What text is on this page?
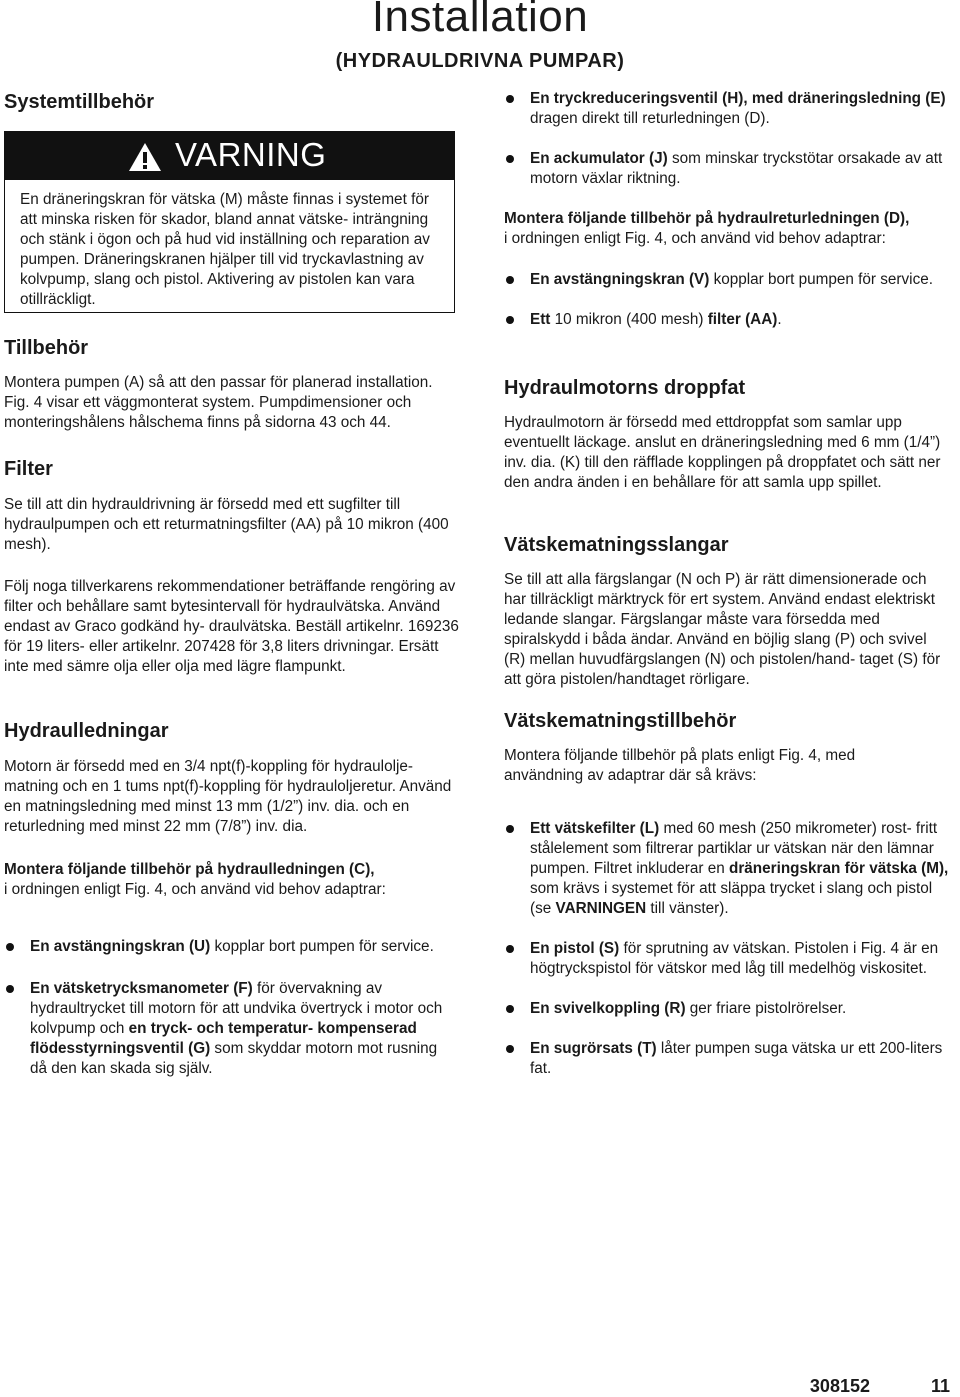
Installation
(HYDRAULDRIVNA PUMPAR)
Systemtillbehör
VARNING

En dräneringskran för vätska (M) måste finnas i systemet för att minska risken för skador, bland annat vätske- inträngning och stänk i ögon och på hud vid inställning och reparation av pumpen. Dräneringskranen hjälper till vid tryckavlastning av kolvpump, slang och pistol. Aktivering av pistolen kan vara otillräckligt.

Tillbehör

Montera pumpen (A) så att den passar för planerad installation. Fig. 4 visar ett väggmonterat system. Pumpdimensioner och monteringshålens hålschema finns på sidorna 43 och 44.

Filter

Se till att din hydrauldrivning är försedd med ett sugfilter till hydraulpumpen och ett returmatningsfilter (AA) på 10 mikron (400 mesh).

Följ noga tillverkarens rekommendationer beträffande rengöring av filter och behållare samt bytesintervall för hydraulvätska. Använd endast av Graco godkänd hy- draulvätska. Beställ artikelnr. 169236 för 19 liters- eller artikelnr. 207428 för 3,8 liters drivningar. Ersätt inte med sämre olja eller olja med lägre flampunkt.

Hydraulledningar

Motorn är försedd med en 3/4 npt(f)-koppling för hydraulolje- matning och en 1 tums npt(f)-koppling för hydrauloljeretur. Använd en matningsledning med minst 13 mm (1/2”) inv. dia. och en returledning med minst 22 mm (7/8”) inv. dia.

Montera följande tillbehör på hydraulledningen (C),
i ordningen enligt Fig. 4, och använd vid behov adaptrar:

En avstängningskran (U) kopplar bort pumpen för service.
En vätsketrycksmanometer (F) för övervakning av hydraultrycket till motorn för att undvika övertryck i motor och kolvpump och en tryck- och temperatur- kompenserad flödesstyrningsventil (G) som skyddar motorn mot rusning då den kan skada sig själv.
En tryckreduceringsventil (H), med dräneringsledning (E) dragen direkt till returledningen (D).
En ackumulator (J) som minskar tryckstötar orsakade av att motorn växlar riktning.

Montera följande tillbehör på hydraulreturledningen (D),
i ordningen enligt Fig. 4, och använd vid behov adaptrar:

En avstängningskran (V) kopplar bort pumpen för service.
Ett 10 mikron (400 mesh) filter (AA).
Hydraulmotorns droppfat

Hydraulmotorn är försedd med ettdroppfat som samlar upp eventuellt läckage. anslut en dräneringsledning med 6 mm (1/4”) inv. dia. (K) till den räfflade kopplingen på droppfatet och sätt ner den andra änden i en behållare för att samla upp spillet.

Vätskematningsslangar

Se till att alla färgslangar (N och P) är rätt dimensionerade och har tillräckligt märktryck för ert system. Använd endast elektriskt ledande slangar. Färgslangar måste vara försedda med spiralskydd i båda ändar. Använd en böjlig slang (P) och svivel (R) mellan huvudfärgslangen (N) och pistolen/hand- taget (S) för att göra pistolen/handtaget rörligare.

Vätskematningstillbehör

Montera följande tillbehör på plats enligt Fig. 4, med användning av adaptrar där så krävs:

Ett vätskefilter (L) med 60 mesh (250 mikrometer) rost- fritt stålelement som filtrerar partiklar ur vätskan när den lämnar pumpen. Filtret inkluderar en dräneringskran för vätska (M), som krävs i systemet för att släppa trycket i slang och pistol (se VARNINGEN till vänster).
En pistol (S) för sprutning av vätskan. Pistolen i Fig. 4 är en högtryckspistol för vätskor med låg till medelhög viskositet.
En svivelkoppling (R) ger friare pistolrörelser.
En sugrörsats (T) låter pumpen suga vätska ur ett 200-liters fat.
308152	11
